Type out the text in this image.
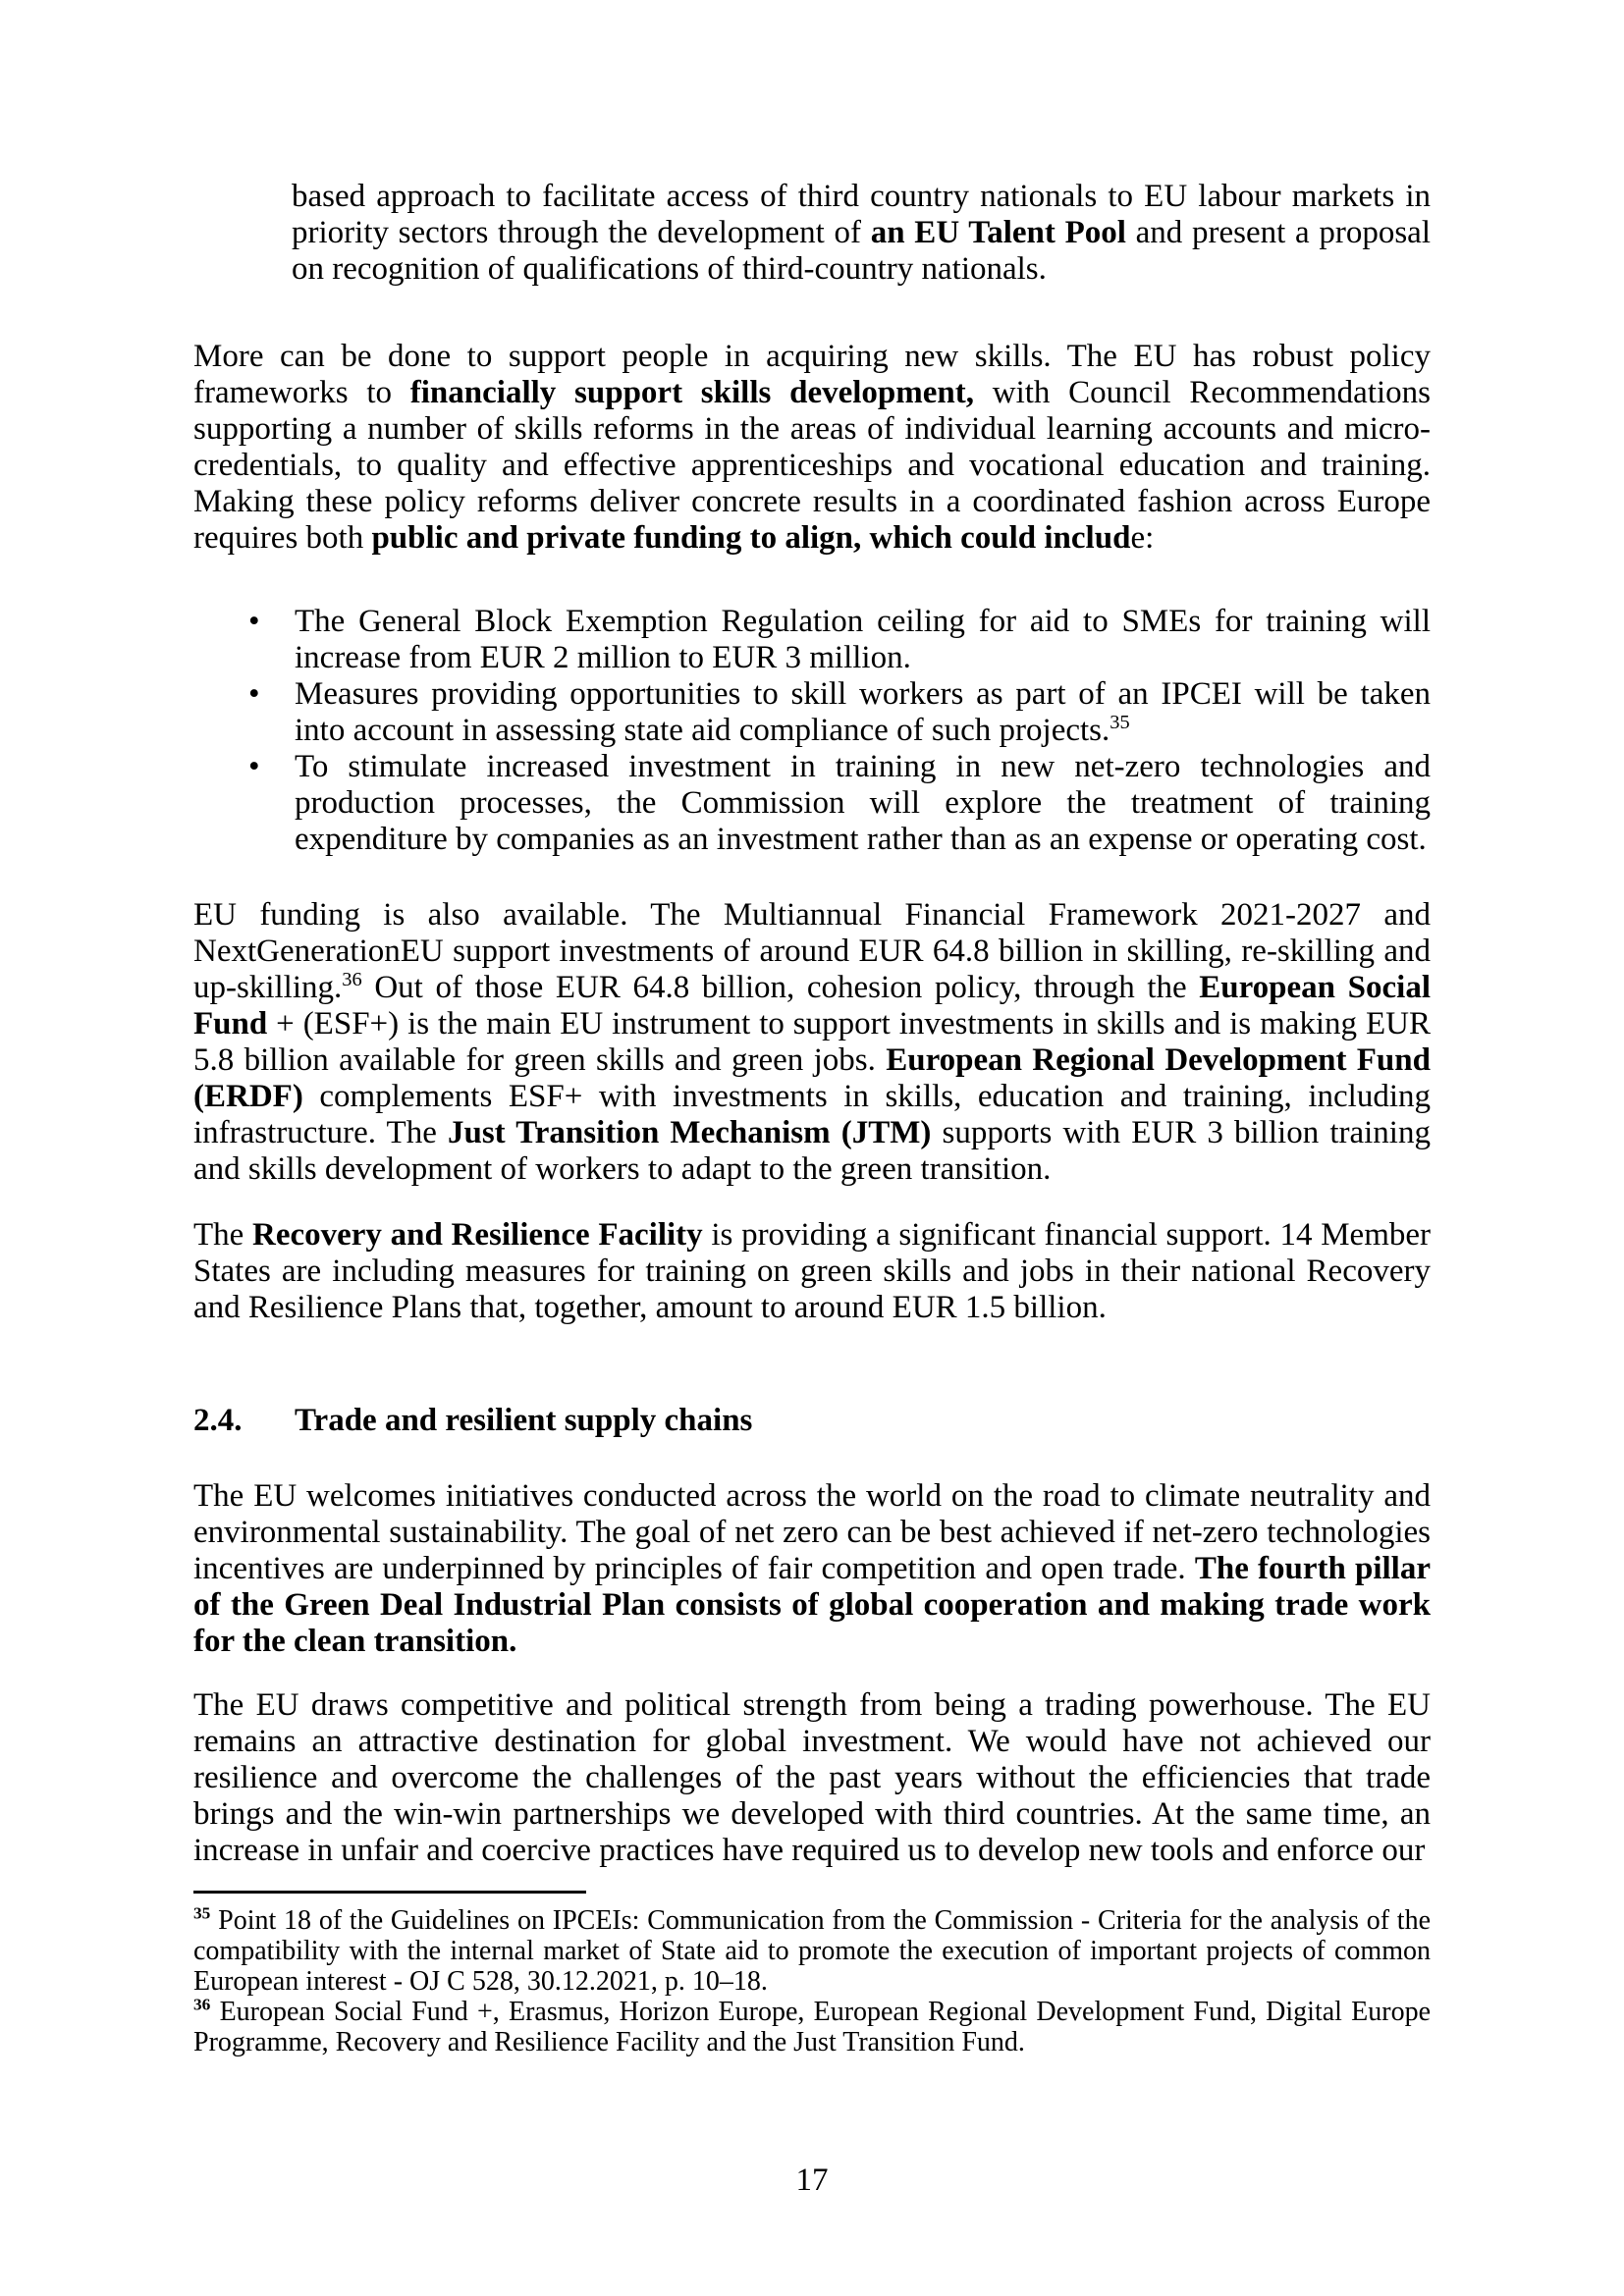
based approach to facilitate access of third country nationals to EU labour markets in priority sectors through the development of an EU Talent Pool and present a proposal on recognition of qualifications of third-country nationals.

More can be done to support people in acquiring new skills. The EU has robust policy frameworks to financially support skills development, with Council Recommendations supporting a number of skills reforms in the areas of individual learning accounts and micro-credentials, to quality and effective apprenticeships and vocational education and training. Making these policy reforms deliver concrete results in a coordinated fashion across Europe requires both public and private funding to align, which could include:

• The General Block Exemption Regulation ceiling for aid to SMEs for training will increase from EUR 2 million to EUR 3 million.
• Measures providing opportunities to skill workers as part of an IPCEI will be taken into account in assessing state aid compliance of such projects.$^{35}$
• To stimulate increased investment in training in new net-zero technologies and production processes, the Commission will explore the treatment of training expenditure by companies as an investment rather than as an expense or operating cost.

EU funding is also available. The Multiannual Financial Framework 2021-2027 and NextGenerationEU support investments of around EUR 64.8 billion in skilling, re-skilling and up-skilling.$^{36}$ Out of those EUR 64.8 billion, cohesion policy, through the European Social Fund + (ESF+) is the main EU instrument to support investments in skills and is making EUR 5.8 billion available for green skills and green jobs. European Regional Development Fund (ERDF) complements ESF+ with investments in skills, education and training, including infrastructure. The Just Transition Mechanism (JTM) supports with EUR 3 billion training and skills development of workers to adapt to the green transition.

The Recovery and Resilience Facility is providing a significant financial support. 14 Member States are including measures for training on green skills and jobs in their national Recovery and Resilience Plans that, together, amount to around EUR 1.5 billion.

2.4. Trade and resilient supply chains

The EU welcomes initiatives conducted across the world on the road to climate neutrality and environmental sustainability. The goal of net zero can be best achieved if net-zero technologies incentives are underpinned by principles of fair competition and open trade. The fourth pillar of the Green Deal Industrial Plan consists of global cooperation and making trade work for the clean transition.

The EU draws competitive and political strength from being a trading powerhouse. The EU remains an attractive destination for global investment. We would have not achieved our resilience and overcome the challenges of the past years without the efficiencies that trade brings and the win-win partnerships we developed with third countries. At the same time, an increase in unfair and coercive practices have required us to develop new tools and enforce our

$^{35}$ Point 18 of the Guidelines on IPCEIs: Communication from the Commission - Criteria for the analysis of the compatibility with the internal market of State aid to promote the execution of important projects of common European interest - OJ C 528, 30.12.2021, p. 10–18.

$^{36}$ European Social Fund +, Erasmus, Horizon Europe, European Regional Development Fund, Digital Europe Programme, Recovery and Resilience Facility and the Just Transition Fund.

17
